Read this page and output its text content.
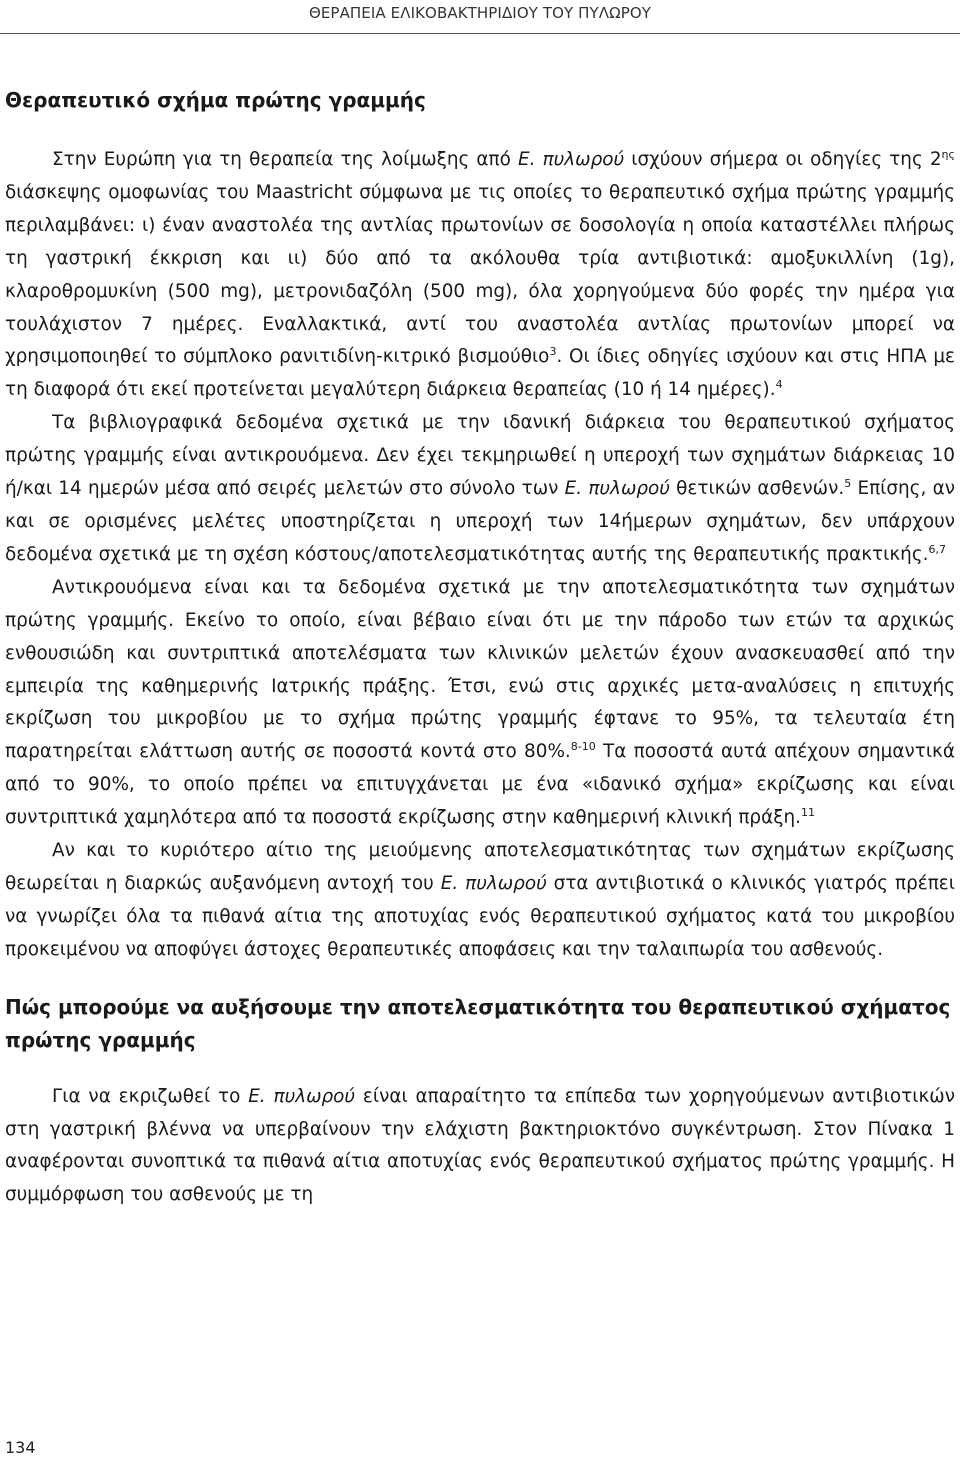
ΘΕΡΑΠΕΙΑ ΕΛΙΚΟΒΑΚΤΗΡΙΔΙΟΥ ΤΟΥ ΠΥΛΩΡΟΥ
Θεραπευτικό σχήμα πρώτης γραμμής

Στην Ευρώπη για τη θεραπεία της λοίμωξης από Ε. πυλωρού ισχύουν σήμερα οι οδηγίες της $2^{\eta\varsigma}$ διάσκεψης ομοφωνίας του Maastricht σύμφωνα με τις οποίες το θεραπευτικό σχήμα πρώτης γραμμής περιλαμβάνει: ι) έναν αναστολέα της αντλίας πρωτονίων σε δοσολογία η οποία καταστέλλει πλήρως τη γαστρική έκκριση και ιι) δύο από τα ακόλουθα τρία αντιβιοτικά: αμοξυκιλλίνη (1g), κλαροθρομυκίνη (500 mg), μετρονιδαζόλη (500 mg), όλα χορηγούμενα δύο φορές την ημέρα για τουλάχιστον 7 ημέρες. Εναλλακτικά, αντί του αναστολέα αντλίας πρωτονίων μπορεί να χρησιμοποιηθεί το σύμπλοκο ρανιτιδίνη-κιτρικό βισμούθιο$^3$. Οι ίδιες οδηγίες ισχύουν και στις ΗΠΑ με τη διαφορά ότι εκεί προτείνεται μεγαλύτερη διάρκεια θεραπείας (10 ή 14 ημέρες).$^4$

Τα βιβλιογραφικά δεδομένα σχετικά με την ιδανική διάρκεια του θεραπευτικού σχήματος πρώτης γραμμής είναι αντικρουόμενα. Δεν έχει τεκμηριωθεί η υπεροχή των σχημάτων διάρκειας 10 ή/και 14 ημερών μέσα από σειρές μελετών στο σύνολο των Ε. πυλωρού θετικών ασθενών.$^5$ Επίσης, αν και σε ορισμένες μελέτες υποστηρίζεται η υπεροχή των 14ήμερων σχημάτων, δεν υπάρχουν δεδομένα σχετικά με τη σχέση κόστους/αποτελεσματικότητας αυτής της θεραπευτικής πρακτικής.$^{6,7}$

Αντικρουόμενα είναι και τα δεδομένα σχετικά με την αποτελεσματικότητα των σχημάτων πρώτης γραμμής. Εκείνο το οποίο, είναι βέβαιο είναι ότι με την πάροδο των ετών τα αρχικώς ενθουσιώδη και συντριπτικά αποτελέσματα των κλινικών μελετών έχουν ανασκευασθεί από την εμπειρία της καθημερινής Ιατρικής πράξης. Έτσι, ενώ στις αρχικές μετα-αναλύσεις η επιτυχής εκρίζωση του μικροβίου με το σχήμα πρώτης γραμμής έφτανε το 95%, τα τελευταία έτη παρατηρείται ελάττωση αυτής σε ποσοστά κοντά στο 80%.$^{8-10}$ Τα ποσοστά αυτά απέχουν σημαντικά από το 90%, το οποίο πρέπει να επιτυγχάνεται με ένα «ιδανικό σχήμα» εκρίζωσης και είναι συντριπτικά χαμηλότερα από τα ποσοστά εκρίζωσης στην καθημερινή κλινική πράξη.$^{11}$

Αν και το κυριότερο αίτιο της μειούμενης αποτελεσματικότητας των σχημάτων εκρίζωσης θεωρείται η διαρκώς αυξανόμενη αντοχή του Ε. πυλωρού στα αντιβιοτικά ο κλινικός γιατρός πρέπει να γνωρίζει όλα τα πιθανά αίτια της αποτυχίας ενός θεραπευτικού σχήματος κατά του μικροβίου προκειμένου να αποφύγει άστοχες θεραπευτικές αποφάσεις και την ταλαιπωρία του ασθενούς.

Πώς μπορούμε να αυξήσουμε την αποτελεσματικότητα του θεραπευτικού σχήματος πρώτης γραμμής

Για να εκριζωθεί το Ε. πυλωρού είναι απαραίτητο τα επίπεδα των χορηγούμενων αντιβιοτικών στη γαστρική βλέννα να υπερβαίνουν την ελάχιστη βακτηριοκτόνο συγκέντρωση. Στον Πίνακα 1 αναφέρονται συνοπτικά τα πιθανά αίτια αποτυχίας ενός θεραπευτικού σχήματος πρώτης γραμμής. Η συμμόρφωση του ασθενούς με τη

134
